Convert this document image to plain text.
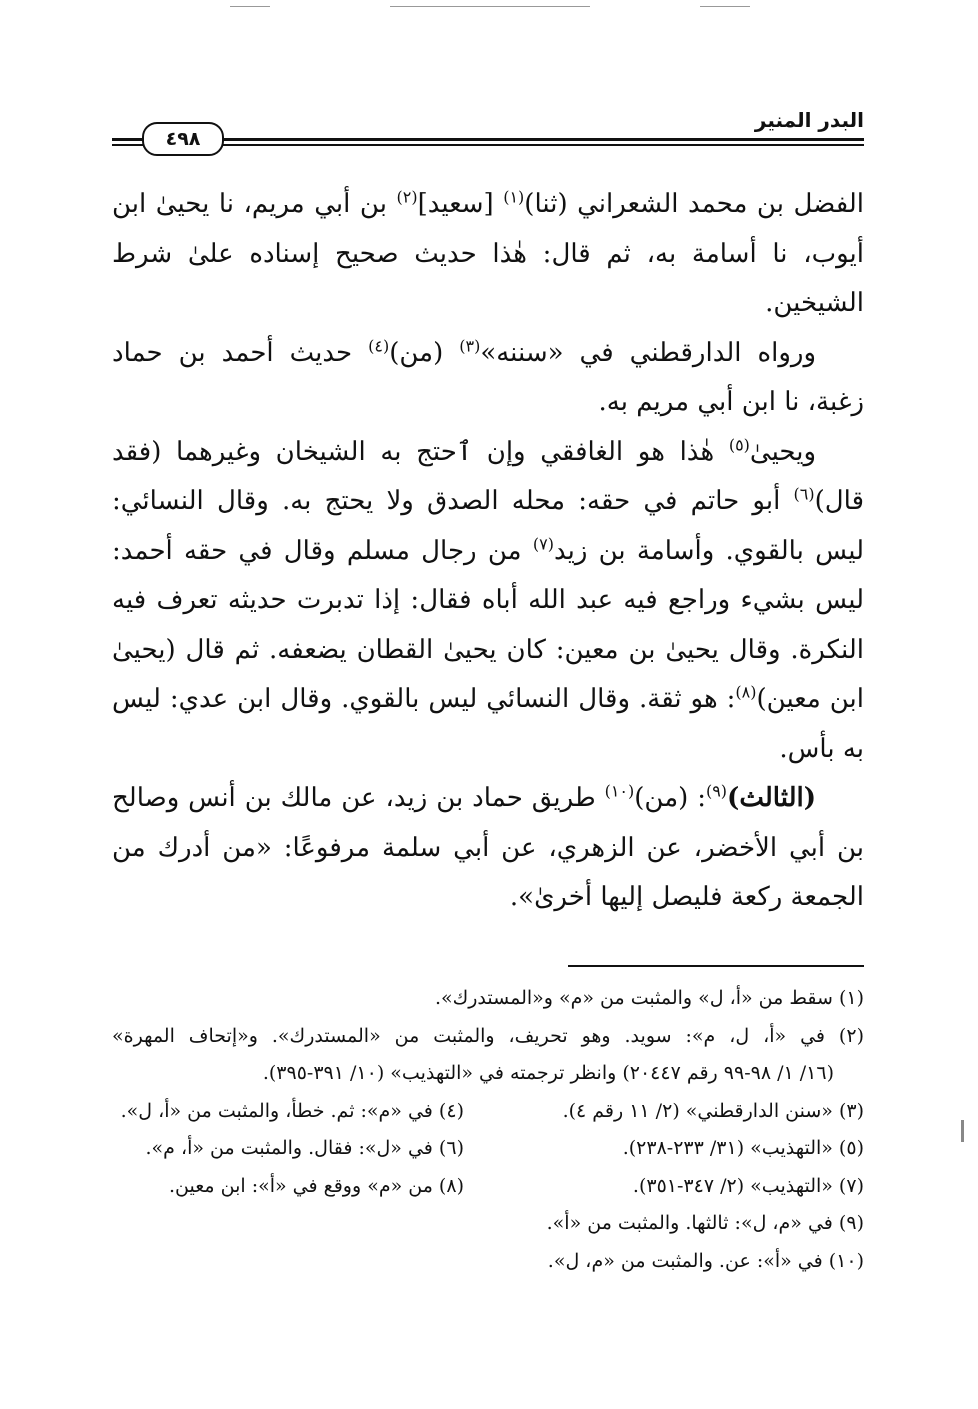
البدر المنير
٤٩٨

الفضل بن محمد الشعراني (ثنا)$^{(١)}$ [سعيد]$^{(٢)}$ بن أبي مريم، نا يحيىٰ ابن أيوب، نا أسامة به، ثم قال: هٰذا حديث صحيح إسناده علىٰ شرط الشيخين.

ورواه الدارقطني في «سننه»$^{(٣)}$ (من)$^{(٤)}$ حديث أحمد بن حماد زغبة، نا ابن أبي مريم به.

ويحيىٰ$^{(٥)}$ هٰذا هو الغافقي وإن ٱحتج به الشيخان وغيرهما (فقد قال)$^{(٦)}$ أبو حاتم في حقه: محله الصدق ولا يحتج به. وقال النسائي: ليس بالقوي. وأسامة بن زيد$^{(٧)}$ من رجال مسلم وقال في حقه أحمد: ليس بشيء وراجع فيه عبد الله أباه فقال: إذا تدبرت حديثه تعرف فيه النكرة. وقال يحيىٰ بن معين: كان يحيىٰ القطان يضعفه. ثم قال (يحيىٰ ابن معين)$^{(٨)}$: هو ثقة. وقال النسائي ليس بالقوي. وقال ابن عدي: ليس به بأس.

(الثالث)$^{(٩)}$: (من)$^{(١٠)}$ طريق حماد بن زيد، عن مالك بن أنس وصالح بن أبي الأخضر، عن الزهري، عن أبي سلمة مرفوعًا: «من أدرك من الجمعة ركعة فليصل إليها أخرىٰ».

(١) سقط من «أ، ل» والمثبت من «م» و«المستدرك».
(٢) في «أ، ل، م»: سويد. وهو تحريف، والمثبت من «المستدرك». و«إتحاف المهرة»
(١٦/ ١/ ٩٨-٩٩ رقم ٢٠٤٤٧) وانظر ترجمته في «التهذيب» (١٠/ ٣٩١-٣٩٥).
(٣) «سنن الدارقطني» (٢/ ١١ رقم ٤).
(٤) في «م»: ثم. خطأ، والمثبت من «أ، ل».
(٥) «التهذيب» (٣١/ ٢٣٣-٢٣٨).
(٦) في «ل»: فقال. والمثبت من «أ، م».
(٧) «التهذيب» (٢/ ٣٤٧-٣٥١).
(٨) من «م» ووقع في «أ»: ابن معين.
(٩) في «م، ل»: ثالثها. والمثبت من «أ».
(١٠) في «أ»: عن. والمثبت من «م، ل».
